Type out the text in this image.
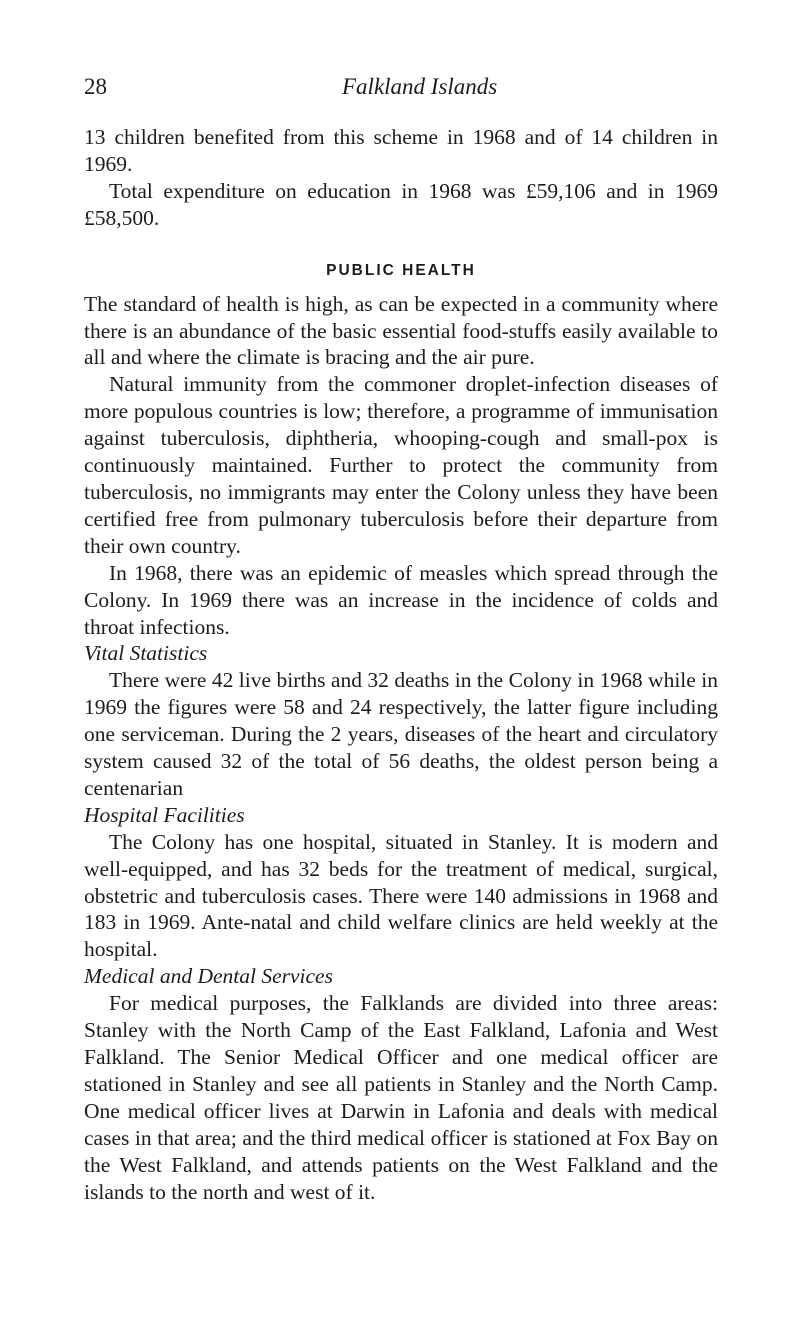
28	Falkland Islands

13 children benefited from this scheme in 1968 and of 14 children in 1969.

Total expenditure on education in 1968 was £59,106 and in 1969 £58,500.

PUBLIC HEALTH

The standard of health is high, as can be expected in a community where there is an abundance of the basic essential food-stuffs easily available to all and where the climate is bracing and the air pure.

Natural immunity from the commoner droplet-infection diseases of more populous countries is low; therefore, a programme of immunisation against tuberculosis, diphtheria, whooping-cough and small-pox is continuously maintained. Further to protect the community from tuberculosis, no immigrants may enter the Colony unless they have been certified free from pulmonary tuberculosis before their departure from their own country.

In 1968, there was an epidemic of measles which spread through the Colony. In 1969 there was an increase in the incidence of colds and throat infections.

Vital Statistics

There were 42 live births and 32 deaths in the Colony in 1968 while in 1969 the figures were 58 and 24 respectively, the latter figure including one serviceman. During the 2 years, diseases of the heart and circulatory system caused 32 of the total of 56 deaths, the oldest person being a centenarian

Hospital Facilities

The Colony has one hospital, situated in Stanley. It is modern and well-equipped, and has 32 beds for the treatment of medical, surgical, obstetric and tuberculosis cases. There were 140 admissions in 1968 and 183 in 1969. Ante-natal and child welfare clinics are held weekly at the hospital.

Medical and Dental Services

For medical purposes, the Falklands are divided into three areas: Stanley with the North Camp of the East Falkland, Lafonia and West Falkland. The Senior Medical Officer and one medical officer are stationed in Stanley and see all patients in Stanley and the North Camp. One medical officer lives at Darwin in Lafonia and deals with medical cases in that area; and the third medical officer is stationed at Fox Bay on the West Falkland, and attends patients on the West Falkland and the islands to the north and west of it.
